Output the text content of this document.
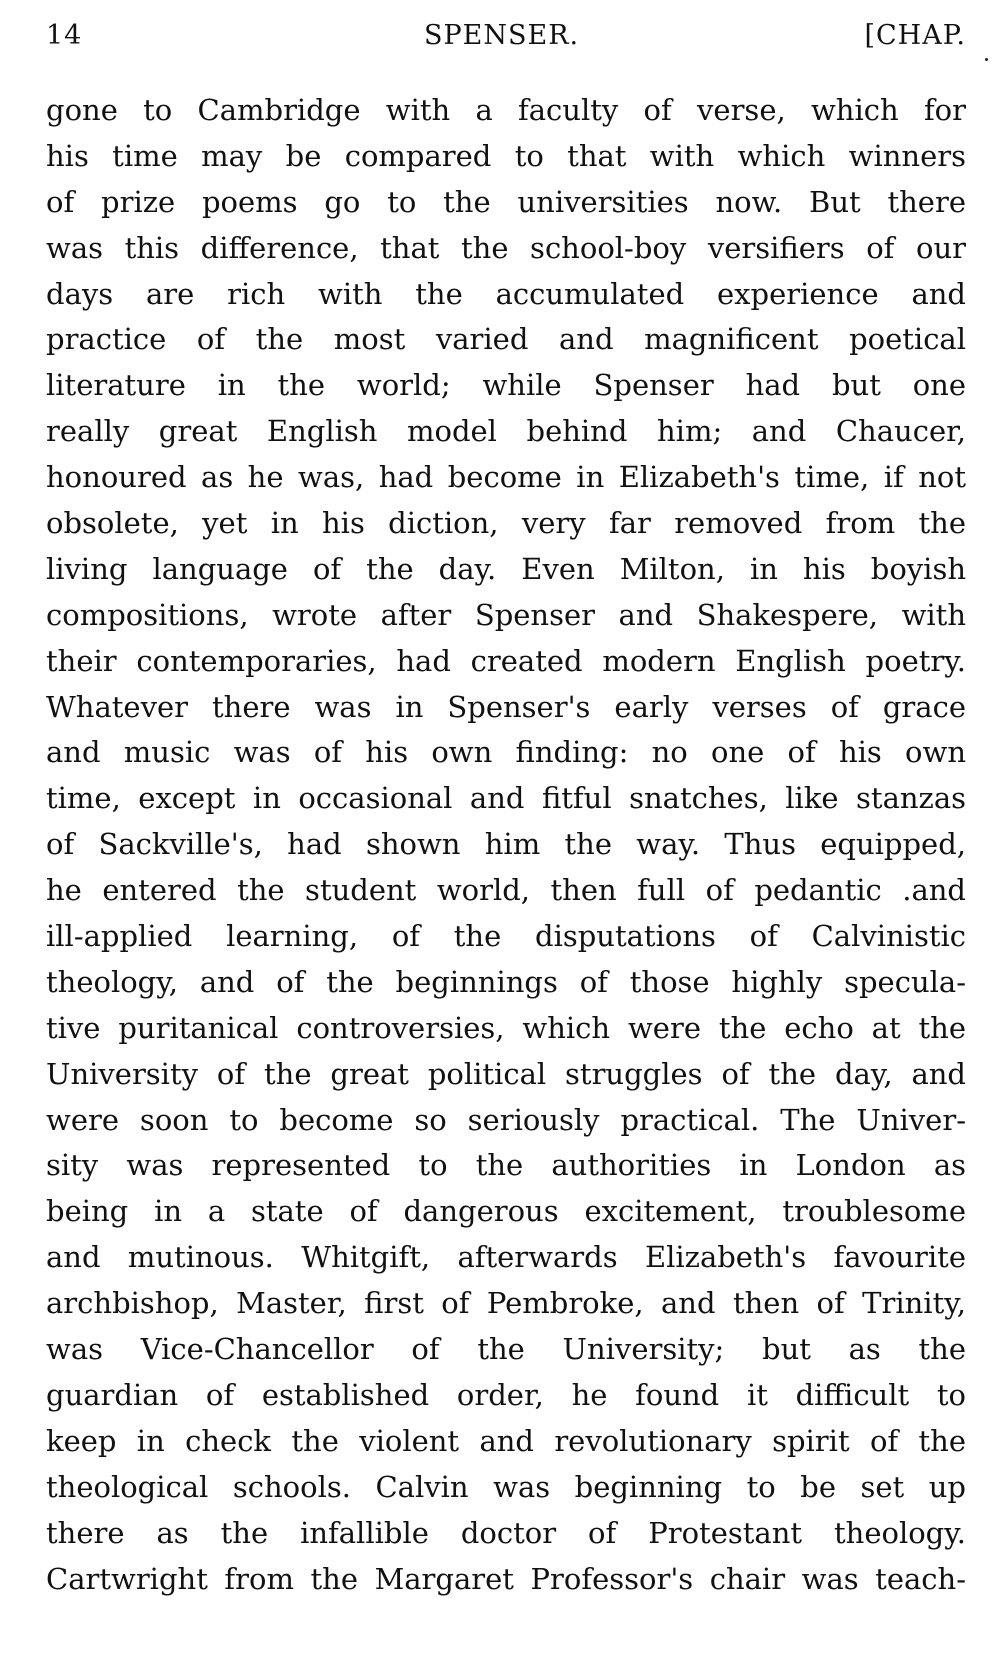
14	SPENSER.	[CHAP.
gone to Cambridge with a faculty of verse, which for
his time may be compared to that with which winners
of prize poems go to the universities now. But there
was this difference, that the school-boy versifiers of our
days are rich with the accumulated experience and
practice of the most varied and magnificent poetical
literature in the world; while Spenser had but one
really great English model behind him; and Chaucer,
honoured as he was, had become in Elizabeth's time, if not
obsolete, yet in his diction, very far removed from the
living language of the day. Even Milton, in his boyish
compositions, wrote after Spenser and Shakespere, with
their contemporaries, had created modern English poetry.
Whatever there was in Spenser's early verses of grace
and music was of his own finding: no one of his own
time, except in occasional and fitful snatches, like stanzas
of Sackville's, had shown him the way. Thus equipped,
he entered the student world, then full of pedantic .and
ill-applied learning, of the disputations of Calvinistic
theology, and of the beginnings of those highly specula-
tive puritanical controversies, which were the echo at the
University of the great political struggles of the day, and
were soon to become so seriously practical. The Univer-
sity was represented to the authorities in London as
being in a state of dangerous excitement, troublesome
and mutinous. Whitgift, afterwards Elizabeth's favourite
archbishop, Master, first of Pembroke, and then of Trinity,
was Vice-Chancellor of the University; but as the
guardian of established order, he found it difficult to
keep in check the violent and revolutionary spirit of the
theological schools. Calvin was beginning to be set up
there as the infallible doctor of Protestant theology.
Cartwright from the Margaret Professor's chair was teach-
